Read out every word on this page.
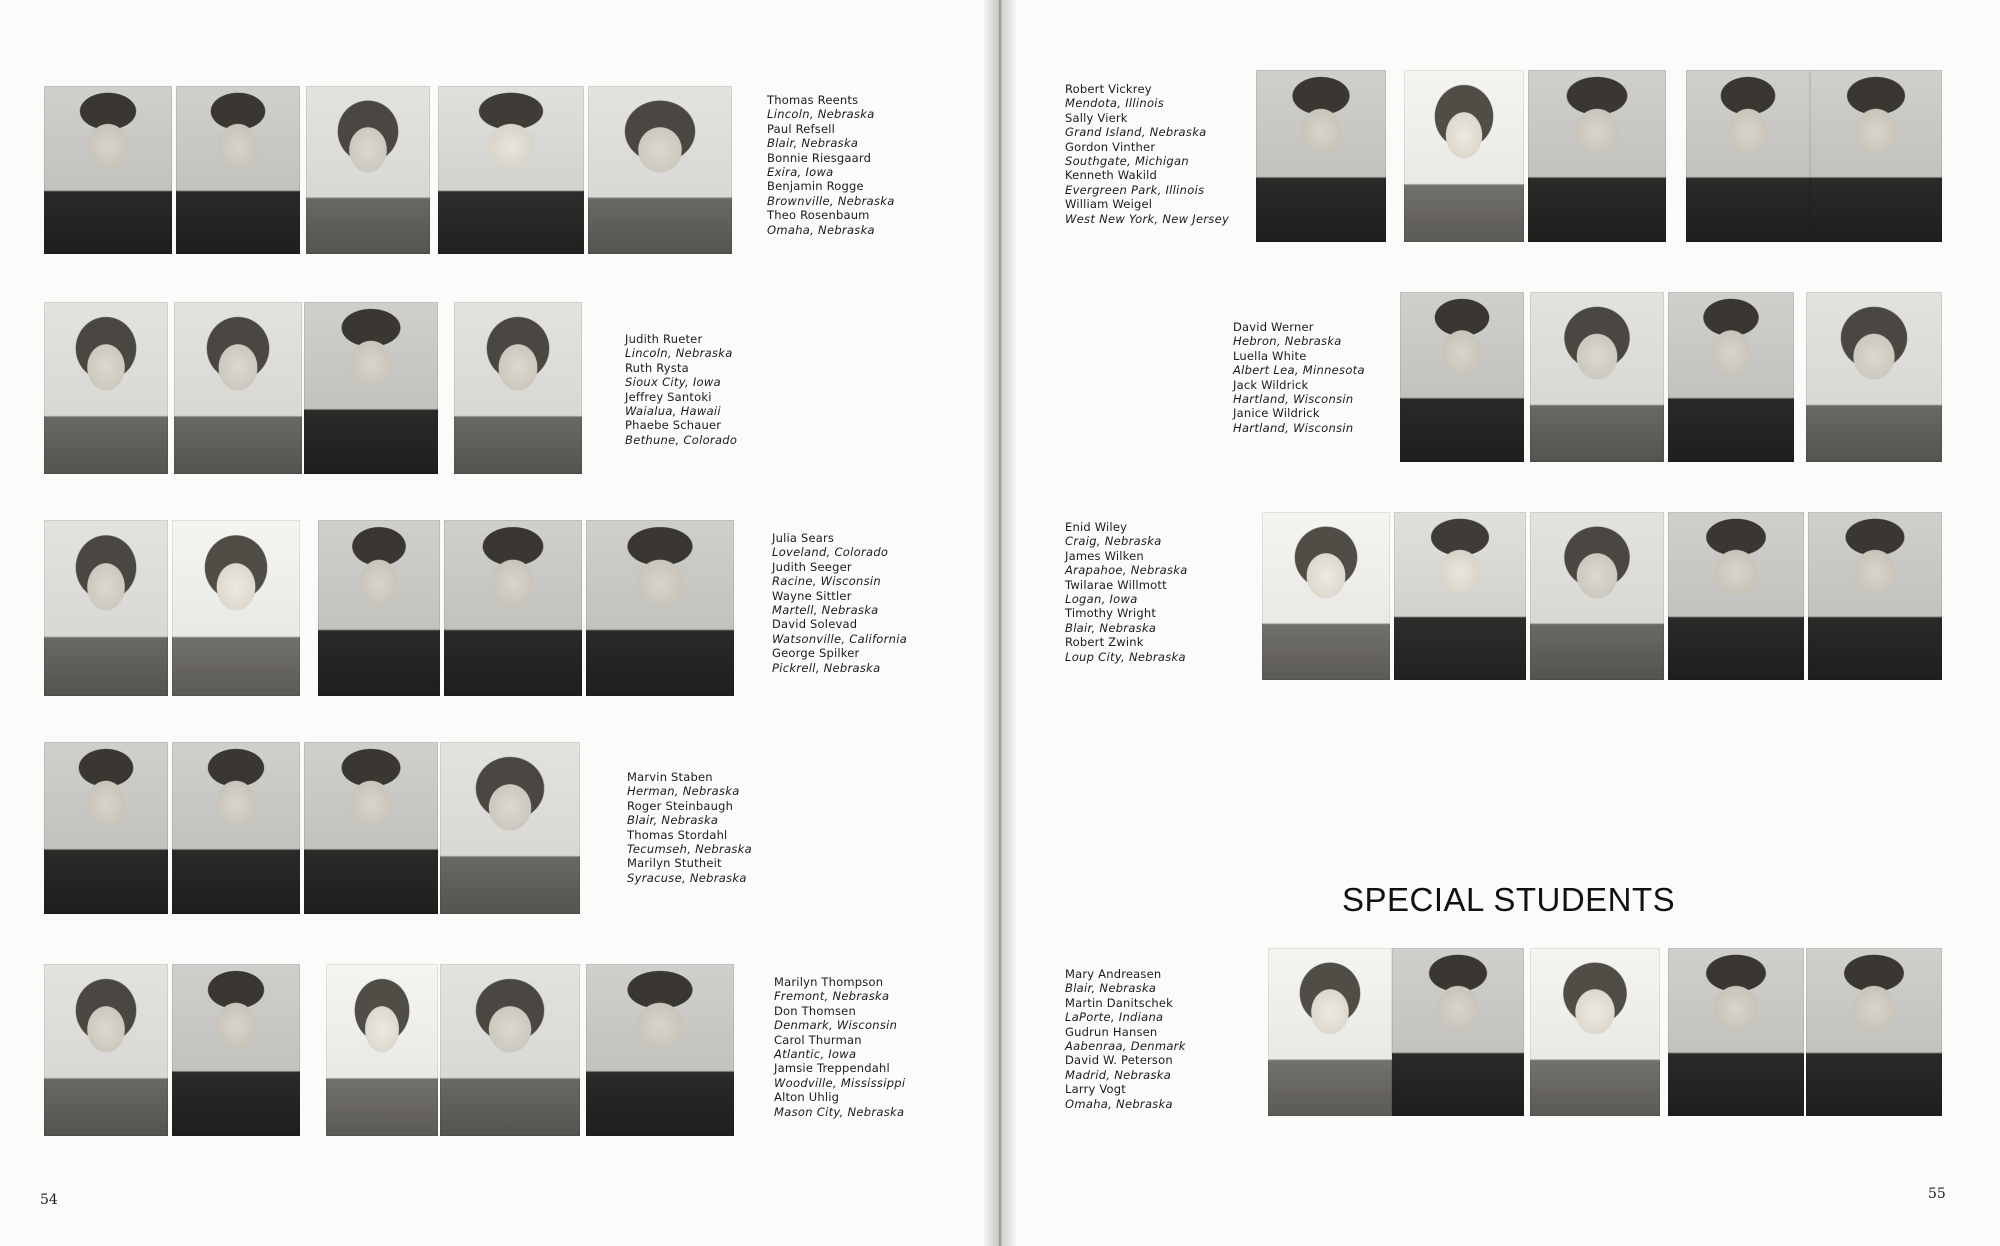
Thomas Reents
Lincoln, Nebraska
Paul Refsell
Blair, Nebraska
Bonnie Riesgaard
Exira, Iowa
Benjamin Rogge
Brownville, Nebraska
Theo Rosenbaum
Omaha, Nebraska
Judith Rueter
Lincoln, Nebraska
Ruth Rysta
Sioux City, Iowa
Jeffrey Santoki
Waialua, Hawaii
Phaebe Schauer
Bethune, Colorado
Julia Sears
Loveland, Colorado
Judith Seeger
Racine, Wisconsin
Wayne Sittler
Martell, Nebraska
David Solevad
Watsonville, California
George Spilker
Pickrell, Nebraska
Marvin Staben
Herman, Nebraska
Roger Steinbaugh
Blair, Nebraska
Thomas Stordahl
Tecumseh, Nebraska
Marilyn Stutheit
Syracuse, Nebraska
Marilyn Thompson
Fremont, Nebraska
Don Thomsen
Denmark, Wisconsin
Carol Thurman
Atlantic, Iowa
Jamsie Treppendahl
Woodville, Mississippi
Alton Uhlig
Mason City, Nebraska
54
Robert Vickrey
Mendota, Illinois
Sally Vierk
Grand Island, Nebraska
Gordon Vinther
Southgate, Michigan
Kenneth Wakild
Evergreen Park, Illinois
William Weigel
West New York, New Jersey
David Werner
Hebron, Nebraska
Luella White
Albert Lea, Minnesota
Jack Wildrick
Hartland, Wisconsin
Janice Wildrick
Hartland, Wisconsin
Enid Wiley
Craig, Nebraska
James Wilken
Arapahoe, Nebraska
Twilarae Willmott
Logan, Iowa
Timothy Wright
Blair, Nebraska
Robert Zwink
Loup City, Nebraska
SPECIAL STUDENTS
Mary Andreasen
Blair, Nebraska
Martin Danitschek
LaPorte, Indiana
Gudrun Hansen
Aabenraa, Denmark
David W. Peterson
Madrid, Nebraska
Larry Vogt
Omaha, Nebraska
55
